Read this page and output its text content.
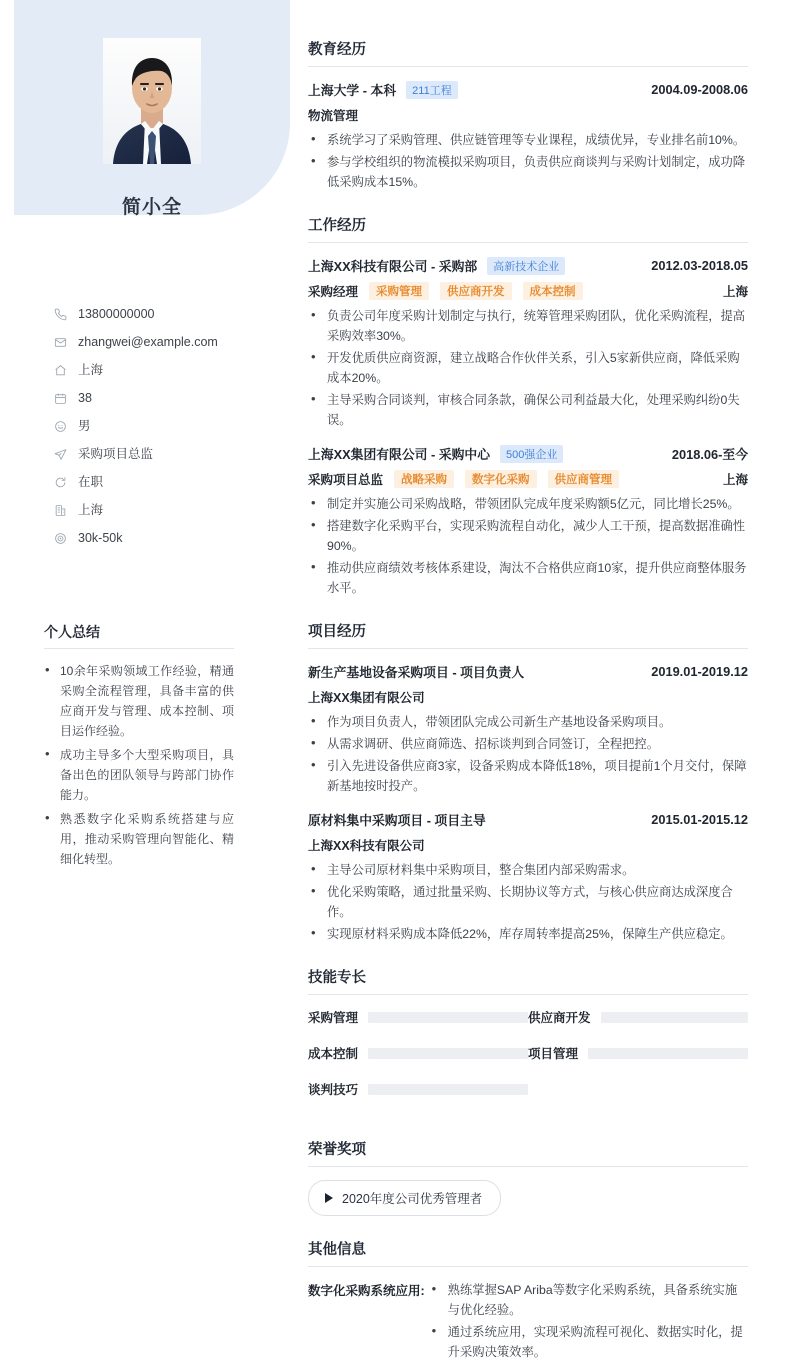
简小全
13800000000
zhangwei@example.com
上海
38
男
采购项目总监
在职
上海
30k-50k
个人总结
• 10余年采购领域工作经验，精通采购全流程管理，具备丰富的供应商开发与管理、成本控制、项目运作经验。
• 成功主导多个大型采购项目，具备出色的团队领导与跨部门协作能力。
• 熟悉数字化采购系统搭建与应用，推动采购管理向智能化、精细化转型。
教育经历
上海大学 - 本科	211工程	2004.09-2008.06
物流管理
• 系统学习了采购管理、供应链管理等专业课程，成绩优异，专业排名前10%。
• 参与学校组织的物流模拟采购项目，负责供应商谈判与采购计划制定，成功降低采购成本15%。
工作经历
上海XX科技有限公司 - 采购部	高新技术企业	2012.03-2018.05
采购经理	采购管理	供应商开发	成本控制	上海
• 负责公司年度采购计划制定与执行，统筹管理采购团队，优化采购流程，提高采购效率30%。
• 开发优质供应商资源，建立战略合作伙伴关系，引入5家新供应商，降低采购成本20%。
• 主导采购合同谈判，审核合同条款，确保公司利益最大化，处理采购纠纷0失误。
上海XX集团有限公司 - 采购中心	500强企业	2018.06-至今
采购项目总监	战略采购	数字化采购	供应商管理	上海
• 制定并实施公司采购战略，带领团队完成年度采购额5亿元，同比增长25%。
• 搭建数字化采购平台，实现采购流程自动化，减少人工干预，提高数据准确性90%。
• 推动供应商绩效考核体系建设，淘汰不合格供应商10家，提升供应商整体服务水平。
项目经历
新生产基地设备采购项目 - 项目负责人	2019.01-2019.12
上海XX集团有限公司
• 作为项目负责人，带领团队完成公司新生产基地设备采购项目。
• 从需求调研、供应商筛选、招标谈判到合同签订，全程把控。
• 引入先进设备供应商3家，设备采购成本降低18%，项目提前1个月交付，保障新基地按时投产。
原材料集中采购项目 - 项目主导	2015.01-2015.12
上海XX科技有限公司
• 主导公司原材料集中采购项目，整合集团内部采购需求。
• 优化采购策略，通过批量采购、长期协议等方式，与核心供应商达成深度合作。
• 实现原材料采购成本降低22%，库存周转率提高25%，保障生产供应稳定。
技能专长
采购管理	供应商开发
成本控制	项目管理
谈判技巧
荣誉奖项
2020年度公司优秀管理者
其他信息
数字化采购系统应用:	• 熟练掌握SAP Ariba等数字化采购系统，具备系统实施与优化经验。
• 通过系统应用，实现采购流程可视化、数据实时化，提升采购决策效率。
